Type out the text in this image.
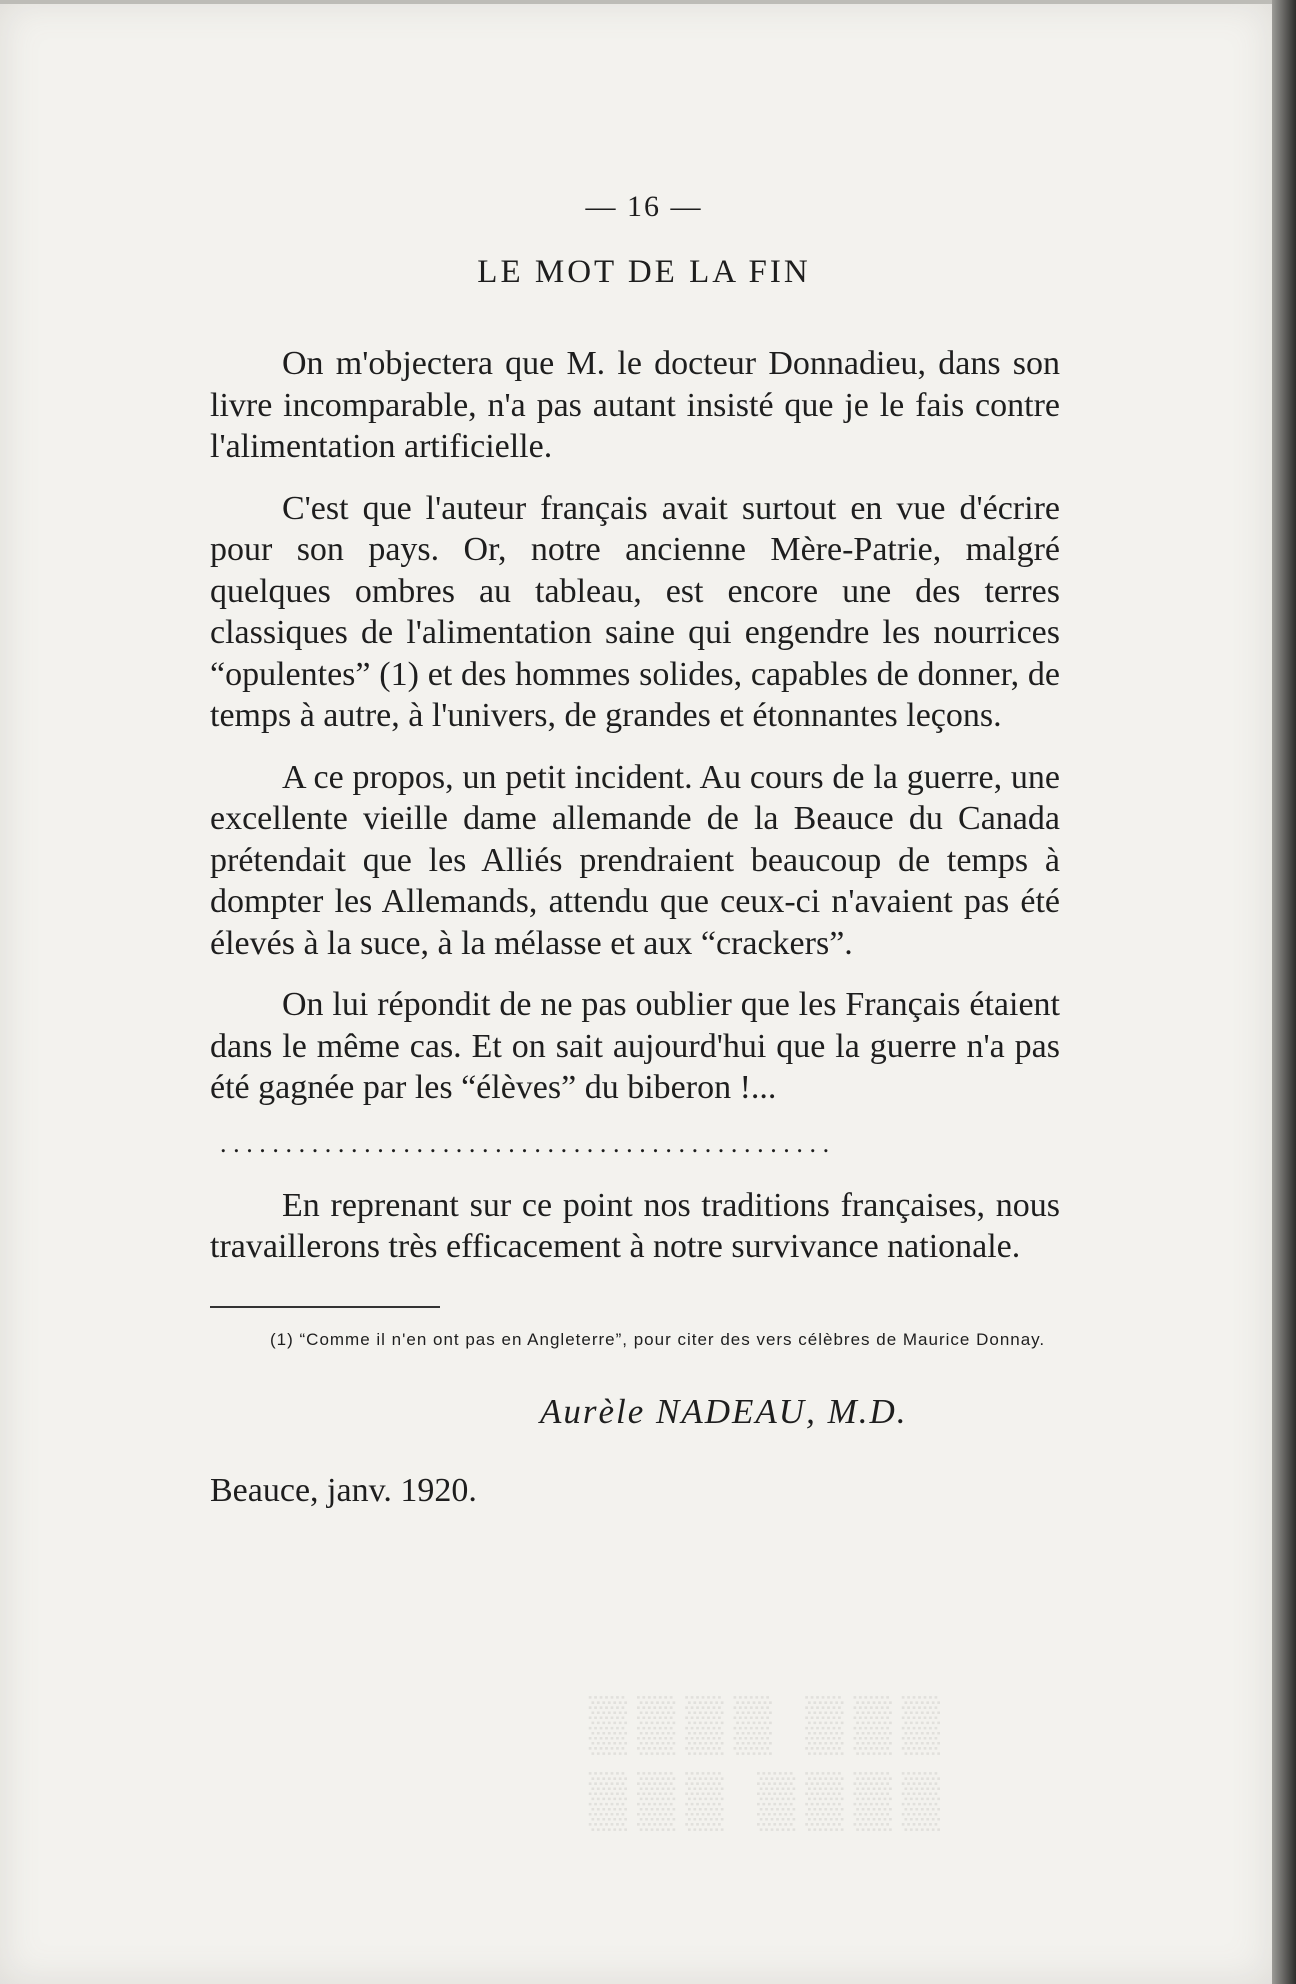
▒▒▒ ▒▒▒▒
▒▒▒▒ ▒▒▒
— 16 —
LE MOT DE LA FIN

On m'objectera que M. le docteur Donnadieu, dans son livre incomparable, n'a pas autant insisté que je le fais contre l'alimentation artificielle.

C'est que l'auteur français avait surtout en vue d'écrire pour son pays. Or, notre ancienne Mère-Patrie, malgré quelques ombres au tableau, est encore une des terres classiques de l'alimentation saine qui engendre les nourrices “opulentes” (1) et des hommes solides, capables de donner, de temps à autre, à l'univers, de grandes et étonnantes leçons.

A ce propos, un petit incident. Au cours de la guerre, une excellente vieille dame allemande de la Beauce du Canada prétendait que les Alliés prendraient beaucoup de temps à dompter les Allemands, attendu que ceux-ci n'avaient pas été élevés à la suce, à la mélasse et aux “crackers”.

On lui répondit de ne pas oublier que les Français étaient dans le même cas. Et on sait aujourd'hui que la guerre n'a pas été gagnée par les “élèves” du biberon !...

...............................................

En reprenant sur ce point nos traditions françaises, nous travaillerons très efficacement à notre survivance nationale.

(1) “Comme il n'en ont pas en Angleterre”, pour citer des vers célèbres de Maurice Donnay.

Aurèle NADEAU, M.D.
Beauce, janv. 1920.
